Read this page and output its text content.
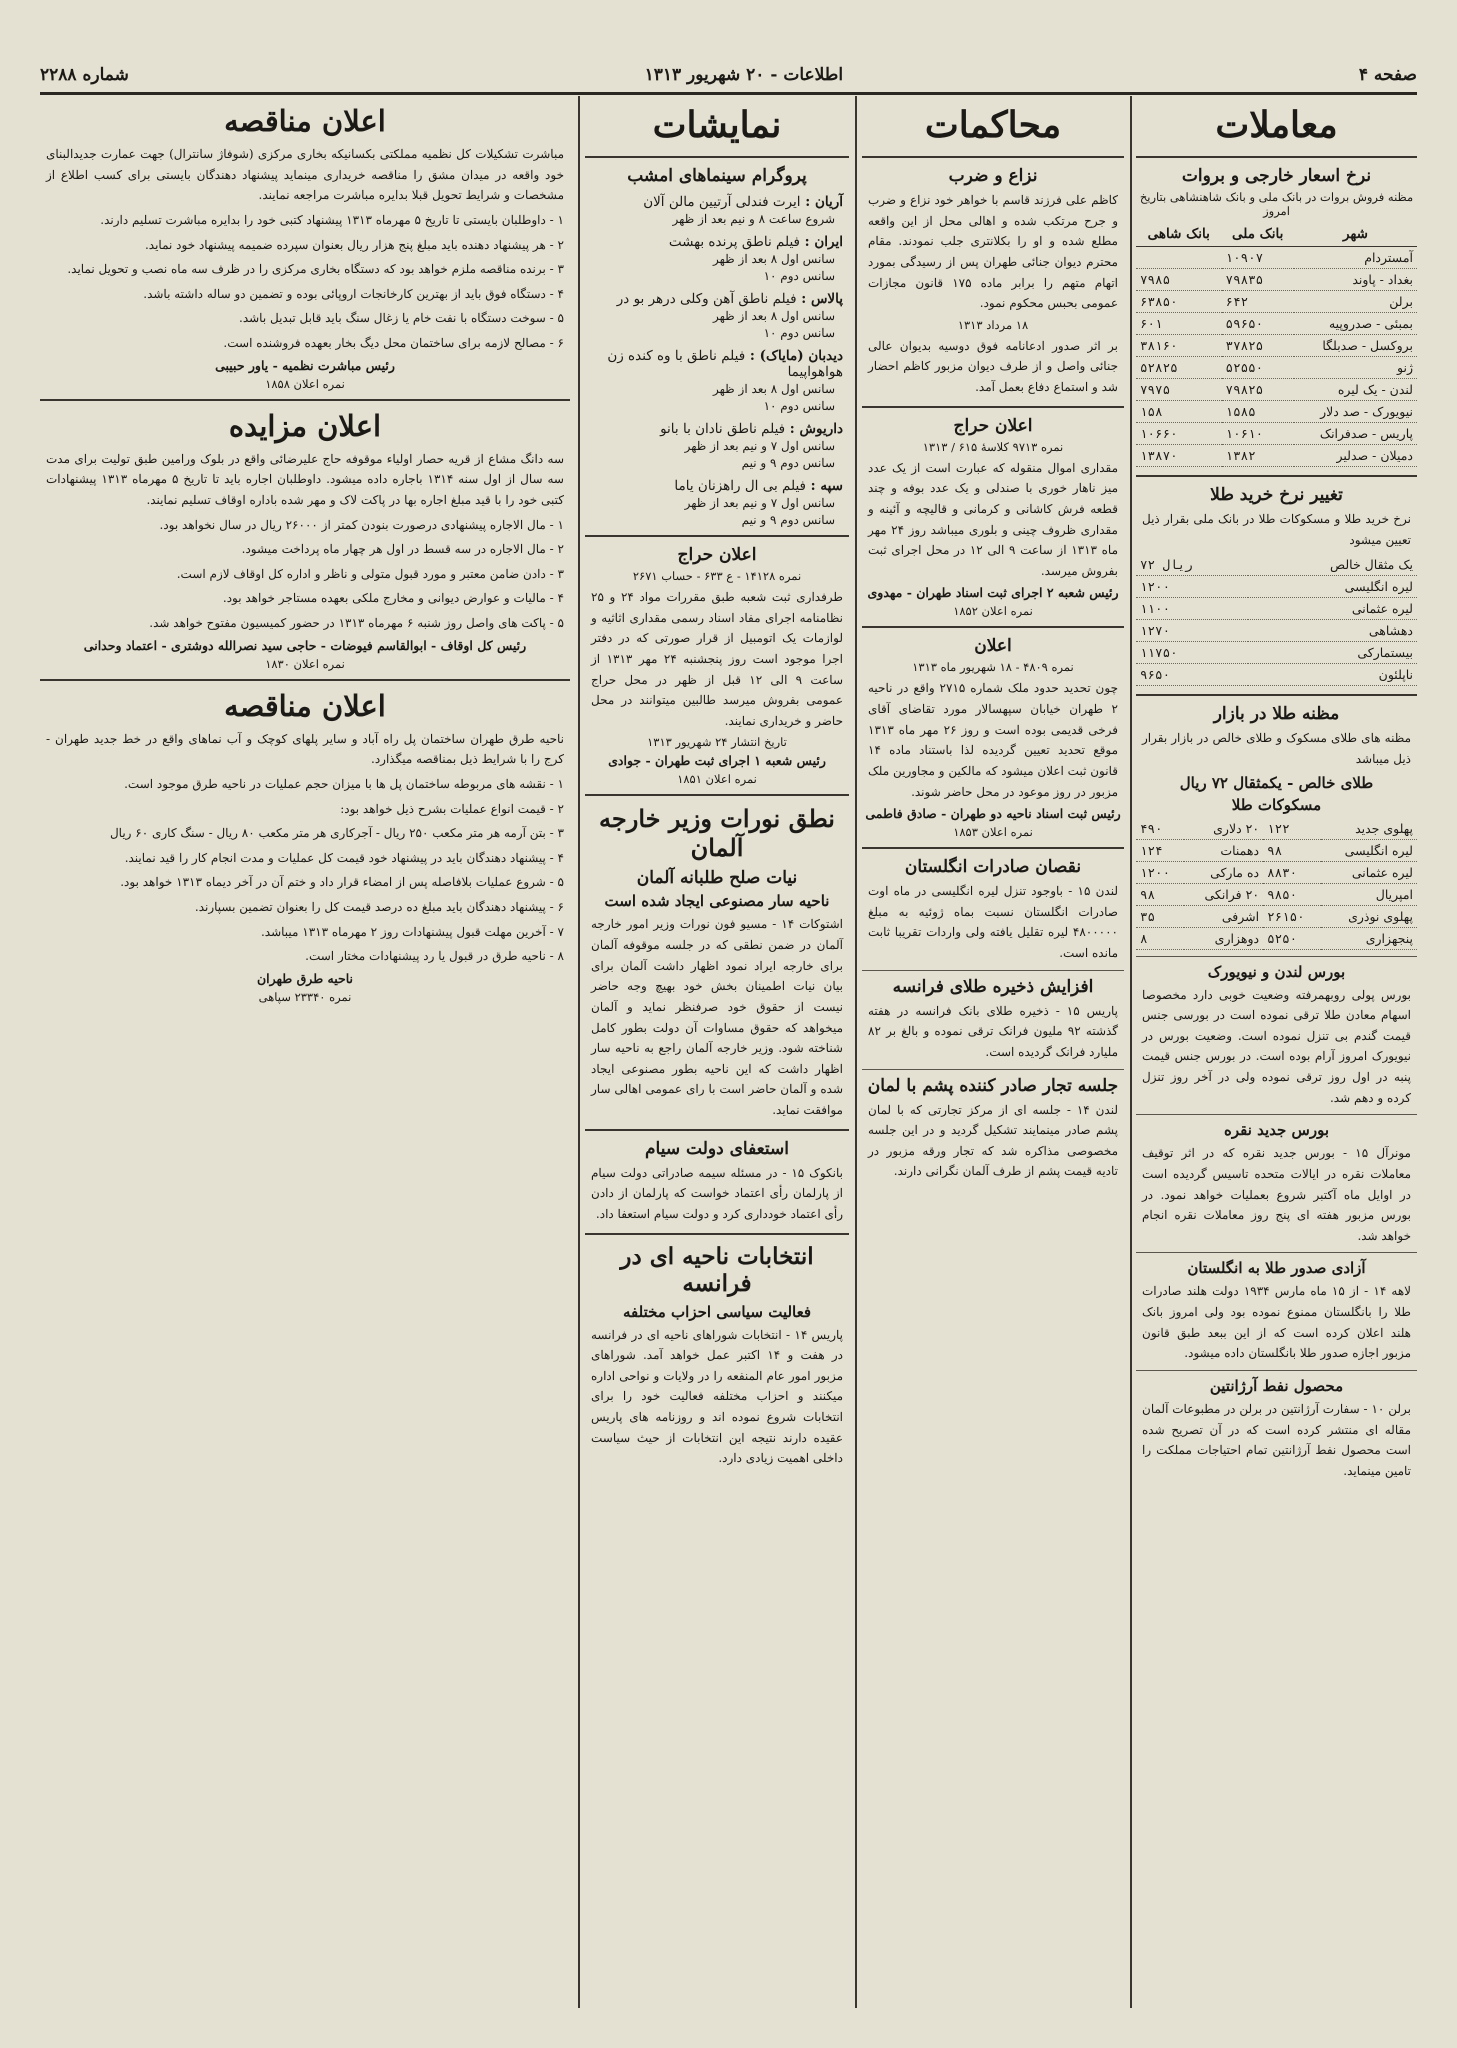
صفحه ۴
اطلاعات - ۲۰ شهریور ۱۳۱۳
شماره ۲۲۸۸
معاملات
نرخ اسعار خارجی و بروات
مظنه فروش بروات در بانک ملی و بانک شاهنشاهی بتاریخ امروز
شهر	بانک ملی	بانک شاهی
آمستردام	۱۰۹۰۷	
بغداد - پاوند	۷۹۸۳۵	۷۹۸۵
برلن	۶۴۲	۶۳۸۵۰
بمبئی - صدروپیه	۵۹۶۵۰	۶۰۱
بروکسل - صدبلگا	۳۷۸۲۵	۳۸۱۶۰
ژنو	۵۲۵۵۰	۵۲۸۲۵
لندن - یک لیره	۷۹۸۲۵	۷۹۷۵
نیویورک - صد دلار	۱۵۸۵	۱۵۸
پاریس - صدفرانک	۱۰۶۱۰	۱۰۶۶۰
دمیلان - صدلیر	۱۳۸۲	۱۳۸۷۰
تغییر نرخ خرید طلا
نرخ خرید طلا و مسکوکات طلا در بانک ملی بقرار ذیل تعیین میشود
یک مثقال خالص	۷۲ ریال
لیره انگلیسی	۱۲۰۰
لیره عثمانی	۱۱۰۰
دهشاهی	۱۲۷۰
بیستمارکی	۱۱۷۵۰
ناپلئون	۹۶۵۰
مظنه طلا در بازار
مظنه های طلای مسکوک و طلای خالص در بازار بقرار ذیل میباشد
طلای خالص - یکمثقال ۷۲ ریال
مسکوکات طلا
پهلوی جدید	۱۲۲	۲۰ دلاری	۴۹۰
لیره انگلیسی	۹۸	دهمنات	۱۲۴
لیره عثمانی	۸۸۳۰	ده مارکی	۱۲۰۰
امپریال	۹۸۵۰	۲۰ فرانکی	۹۸
پهلوی نوذری	۲۶۱۵۰	اشرفی	۳۵
پنجهزاری	۵۲۵۰	دوهزاری	۸
بورس لندن و نیویورک
بورس پولی روبهمرفته وضعیت خوبی دارد مخصوصا اسهام معادن طلا ترقی نموده است در بورسی جنس قیمت گندم بی تنزل نموده است. وضعیت بورس در نیویورک امروز آرام بوده است. در بورس جنس قیمت پنبه در اول روز ترقی نموده ولی در آخر روز تنزل کرده و دهم شد.
بورس جدید نقره
مونرآل ۱۵ - بورس جدید نقره که در اثر توقیف معاملات نقره در ایالات متحده تاسیس گردیده است در اوایل ماه آکتبر شروع بعملیات خواهد نمود. در بورس مزبور هفته ای پنج روز معاملات نقره انجام خواهد شد.
آزادی صدور طلا به انگلستان
لاهه ۱۴ - از ۱۵ ماه مارس ۱۹۳۴ دولت هلند صادرات طلا را بانگلستان ممنوع نموده بود ولی امروز بانک هلند اعلان کرده است که از این ببعد طبق قانون مزبور اجازه صدور طلا بانگلستان داده میشود.
محصول نفط آرژانتین
برلن ۱۰ - سفارت آرژانتین در برلن در مطبوعات آلمان مقاله ای منتشر کرده است که در آن تصریح شده است محصول نفط آرژانتین تمام احتیاجات مملکت را تامین مینماید.
محاکمات
نزاع و ضرب
کاظم علی فرزند قاسم با خواهر خود نزاع و ضرب و جرح مرتکب شده و اهالی محل از این واقعه مطلع شده و او را بکلانتری جلب نمودند. مقام محترم دیوان جنائی طهران پس از رسیدگی بمورد اتهام متهم را برابر ماده ۱۷۵ قانون مجازات عمومی بحبس محکوم نمود.
۱۸ مرداد ۱۳۱۳
بر اثر صدور ادعانامه فوق دوسیه بدیوان عالی جنائی واصل و از طرف دیوان مزبور کاظم احضار شد و استماع دفاع بعمل آمد.
اعلان حراج
نمره ۹۷۱۳ کلاسهٔ ۶۱۵ / ۱۳۱۳
مقداری اموال منقوله که عبارت است از یک عدد میز ناهار خوری با صندلی و یک عدد بوفه و چند قطعه فرش کاشانی و کرمانی و قالیچه و آئینه و مقداری ظروف چینی و بلوری میباشد روز ۲۴ مهر ماه ۱۳۱۳ از ساعت ۹ الی ۱۲ در محل اجرای ثبت بفروش میرسد.
رئیس شعبه ۲ اجرای ثبت اسناد طهران - مهدوی
نمره اعلان ۱۸۵۲
اعلان
نمره ۴۸۰۹ - ۱۸ شهریور ماه ۱۳۱۳
چون تحدید حدود ملک شماره ۲۷۱۵ واقع در ناحیه ۲ طهران خیابان سپهسالار مورد تقاضای آقای فرخی قدیمی بوده است و روز ۲۶ مهر ماه ۱۳۱۳ موقع تحدید تعیین گردیده لذا باستناد ماده ۱۴ قانون ثبت اعلان میشود که مالکین و مجاورین ملک مزبور در روز موعود در محل حاضر شوند.
رئیس ثبت اسناد ناحیه دو طهران - صادق فاطمی
نمره اعلان ۱۸۵۳
نقصان صادرات انگلستان
لندن ۱۵ - باوجود تنزل لیره انگلیسی در ماه اوت صادرات انگلستان نسبت بماه ژوئیه به مبلغ ۴۸۰۰۰۰۰ لیره تقلیل یافته ولی واردات تقریبا ثابت مانده است.
افزایش ذخیره طلای فرانسه
پاریس ۱۵ - ذخیره طلای بانک فرانسه در هفته گذشته ۹۲ ملیون فرانک ترقی نموده و بالغ بر ۸۲ ملیارد فرانک گردیده است.
جلسه تجار صادر کننده پشم با لمان
لندن ۱۴ - جلسه ای از مرکز تجارتی که با لمان پشم صادر مینمایند تشکیل گردید و در این جلسه مخصوصی مذاکره شد که تجار ورقه مزبور در تادیه قیمت پشم از طرف آلمان نگرانی دارند.
نمایشات
پروگرام سینماهای امشب
آریان : ایرت فندلی آرتیین مالن آلان
شروع ساعت ۸ و نیم بعد از ظهر
ایران : فیلم ناطق پرنده بهشت
سانس اول ۸ بعد از ظهر
سانس دوم ۱۰
پالاس : فیلم ناطق آهن وکلی درهر بو در
سانس اول ۸ بعد از ظهر
سانس دوم ۱۰
دیدبان (مایاک) : فیلم ناطق با وه کنده زن هواهواپیما
سانس اول ۸ بعد از ظهر
سانس دوم ۱۰
داریوش : فیلم ناطق نادان با بانو
سانس اول ۷ و نیم بعد از ظهر
سانس دوم ۹ و نیم
سپه : فیلم بی ال راهزنان یاما
سانس اول ۷ و نیم بعد از ظهر
سانس دوم ۹ و نیم
اعلان حراج
نمره ۱۴۱۲۸ - ع ۶۳۳ - حساب ۲۶۷۱
طرفداری ثبت شعبه طبق مقررات مواد ۲۴ و ۲۵ نظامنامه اجرای مفاد اسناد رسمی مقداری اثاثیه و لوازمات یک اتومبیل از قرار صورتی که در دفتر اجرا موجود است روز پنجشنبه ۲۴ مهر ۱۳۱۳ از ساعت ۹ الی ۱۲ قبل از ظهر در محل حراج عمومی بفروش میرسد طالبین میتوانند در محل حاضر و خریداری نمایند.
تاریخ انتشار ۲۴ شهریور ۱۳۱۳
رئیس شعبه ۱ اجرای ثبت طهران - جوادی
نمره اعلان ۱۸۵۱
نطق نورات وزیر خارجه آلمان
نیات صلح طلبانه آلمان
ناحیه سار مصنوعی ایجاد شده است
اشتوکات ۱۴ - مسیو فون نورات وزیر امور خارجه آلمان در ضمن نطقی که در جلسه موقوفه آلمان برای خارجه ایراد نمود اظهار داشت آلمان برای بیان نیات اطمینان بخش خود بهیچ وجه حاضر نیست از حقوق خود صرفنظر نماید و آلمان میخواهد که حقوق مساوات آن دولت بطور کامل شناخته شود. وزیر خارجه آلمان راجع به ناحیه سار اظهار داشت که این ناحیه بطور مصنوعی ایجاد شده و آلمان حاضر است با رای عمومی اهالی سار موافقت نماید.
استعفای دولت سیام
بانکوک ۱۵ - در مسئله سیمه صادراتی دولت سیام از پارلمان رأی اعتماد خواست که پارلمان از دادن رأی اعتماد خودداری کرد و دولت سیام استعفا داد.
انتخابات ناحیه ای در فرانسه
فعالیت سیاسی احزاب مختلفه
پاریس ۱۴ - انتخابات شوراهای ناحیه ای در فرانسه در هفت و ۱۴ اکتبر عمل خواهد آمد. شوراهای مزبور امور عام المنفعه را در ولایات و نواحی اداره میکنند و احزاب مختلفه فعالیت خود را برای انتخابات شروع نموده اند و روزنامه های پاریس عقیده دارند نتیجه این انتخابات از حیث سیاست داخلی اهمیت زیادی دارد.
اعلان مناقصه
مباشرت تشکیلات کل نظمیه مملکتی بکسانیکه بخاری مرکزی (شوفاژ سانترال) جهت عمارت جدیدالبنای خود واقعه در میدان مشق را مناقصه خریداری مینماید پیشنهاد دهندگان بایستی برای کسب اطلاع از مشخصات و شرایط تحویل قبلا بدایره مباشرت مراجعه نمایند.
۱ - داوطلبان بایستی تا تاریخ ۵ مهرماه ۱۳۱۳ پیشنهاد کتبی خود را بدایره مباشرت تسلیم دارند.
۲ - هر پیشنهاد دهنده باید مبلغ پنج هزار ریال بعنوان سپرده ضمیمه پیشنهاد خود نماید.
۳ - برنده مناقصه ملزم خواهد بود که دستگاه بخاری مرکزی را در ظرف سه ماه نصب و تحویل نماید.
۴ - دستگاه فوق باید از بهترین کارخانجات اروپائی بوده و تضمین دو ساله داشته باشد.
۵ - سوخت دستگاه با نفت خام یا زغال سنگ باید قابل تبدیل باشد.
۶ - مصالح لازمه برای ساختمان محل دیگ بخار بعهده فروشنده است.
رئیس مباشرت نظمیه - یاور حبیبی
نمره اعلان ۱۸۵۸
اعلان مزایده
سه دانگ مشاع از قریه حصار اولیاء موقوفه حاج علیرضائی واقع در بلوک ورامین طبق تولیت برای مدت سه سال از اول سنه ۱۳۱۴ باجاره داده میشود. داوطلبان اجاره باید تا تاریخ ۵ مهرماه ۱۳۱۳ پیشنهادات کتبی خود را با قید مبلغ اجاره بها در پاکت لاک و مهر شده باداره اوقاف تسلیم نمایند.
۱ - مال الاجاره پیشنهادی درصورت بنودن کمتر از ۲۶۰۰۰ ریال در سال نخواهد بود.
۲ - مال الاجاره در سه قسط در اول هر چهار ماه پرداخت میشود.
۳ - دادن ضامن معتبر و مورد قبول متولی و ناظر و اداره کل اوقاف لازم است.
۴ - مالیات و عوارض دیوانی و مخارج ملکی بعهده مستاجر خواهد بود.
۵ - پاکت های واصل روز شنبه ۶ مهرماه ۱۳۱۳ در حضور کمیسیون مفتوح خواهد شد.
رئیس کل اوقاف - ابوالقاسم فیوضات - حاجی سید نصرالله دوشتری - اعتماد وحدانی
نمره اعلان ۱۸۳۰
اعلان مناقصه
ناحیه طرق طهران ساختمان پل راه آباد و سایر پلهای کوچک و آب نماهای واقع در خط جدید طهران - کرج را با شرایط ذیل بمناقصه میگذارد.
۱ - نقشه های مربوطه ساختمان پل ها با میزان حجم عملیات در ناحیه طرق موجود است.
۲ - قیمت انواع عملیات بشرح ذیل خواهد بود:
۳ - بتن آرمه هر متر مکعب ۲۵۰ ریال - آجرکاری هر متر مکعب ۸۰ ریال - سنگ کاری ۶۰ ریال
۴ - پیشنهاد دهندگان باید در پیشنهاد خود قیمت کل عملیات و مدت انجام کار را قید نمایند.
۵ - شروع عملیات بلافاصله پس از امضاء قرار داد و ختم آن در آخر دیماه ۱۳۱۳ خواهد بود.
۶ - پیشنهاد دهندگان باید مبلغ ده درصد قیمت کل را بعنوان تضمین بسپارند.
۷ - آخرین مهلت قبول پیشنهادات روز ۲ مهرماه ۱۳۱۳ میباشد.
۸ - ناحیه طرق در قبول یا رد پیشنهادات مختار است.
ناحیه طرق طهران
نمره ۲۳۳۴۰ سپاهی
